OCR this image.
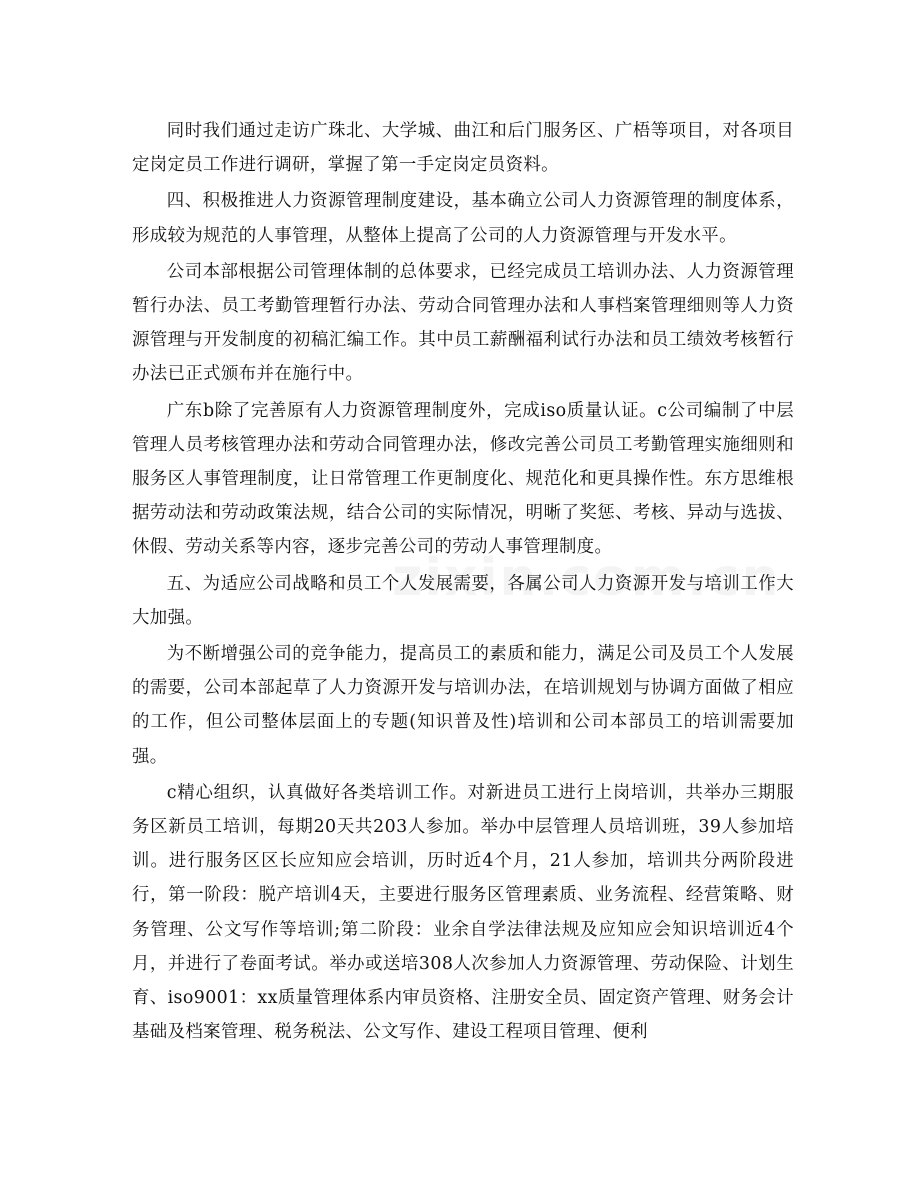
同时我们通过走访广珠北、大学城、曲江和后门服务区、广梧等项目，对各项目定岗定员工作进行调研，掌握了第一手定岗定员资料。

四、积极推进人力资源管理制度建设，基本确立公司人力资源管理的制度体系，形成较为规范的人事管理，从整体上提高了公司的人力资源管理与开发水平。

公司本部根据公司管理体制的总体要求，已经完成员工培训办法、人力资源管理暂行办法、员工考勤管理暂行办法、劳动合同管理办法和人事档案管理细则等人力资源管理与开发制度的初稿汇编工作。其中员工薪酬福利试行办法和员工绩效考核暂行办法已正式颁布并在施行中。

广东b除了完善原有人力资源管理制度外，完成iso质量认证。c公司编制了中层管理人员考核管理办法和劳动合同管理办法，修改完善公司员工考勤管理实施细则和服务区人事管理制度，让日常管理工作更制度化、规范化和更具操作性。东方思维根据劳动法和劳动政策法规，结合公司的实际情况，明晰了奖惩、考核、异动与选拔、休假、劳动关系等内容，逐步完善公司的劳动人事管理制度。

五、为适应公司战略和员工个人发展需要，各属公司人力资源开发与培训工作大大加强。

为不断增强公司的竞争能力，提高员工的素质和能力，满足公司及员工个人发展的需要，公司本部起草了人力资源开发与培训办法，在培训规划与协调方面做了相应的工作，但公司整体层面上的专题(知识普及性)培训和公司本部员工的培训需要加强。

c精心组织，认真做好各类培训工作。对新进员工进行上岗培训，共举办三期服务区新员工培训，每期20天共203人参加。举办中层管理人员培训班，39人参加培训。进行服务区区长应知应会培训，历时近4个月，21人参加，培训共分两阶段进行，第一阶段：脱产培训4天，主要进行服务区管理素质、业务流程、经营策略、财务管理、公文写作等培训;第二阶段：业余自学法律法规及应知应会知识培训近4个月，并进行了卷面考试。举办或送培308人次参加人力资源管理、劳动保险、计划生育、iso9001：xx质量管理体系内审员资格、注册安全员、固定资产管理、财务会计基础及档案管理、税务税法、公文写作、建设工程项目管理、便利
